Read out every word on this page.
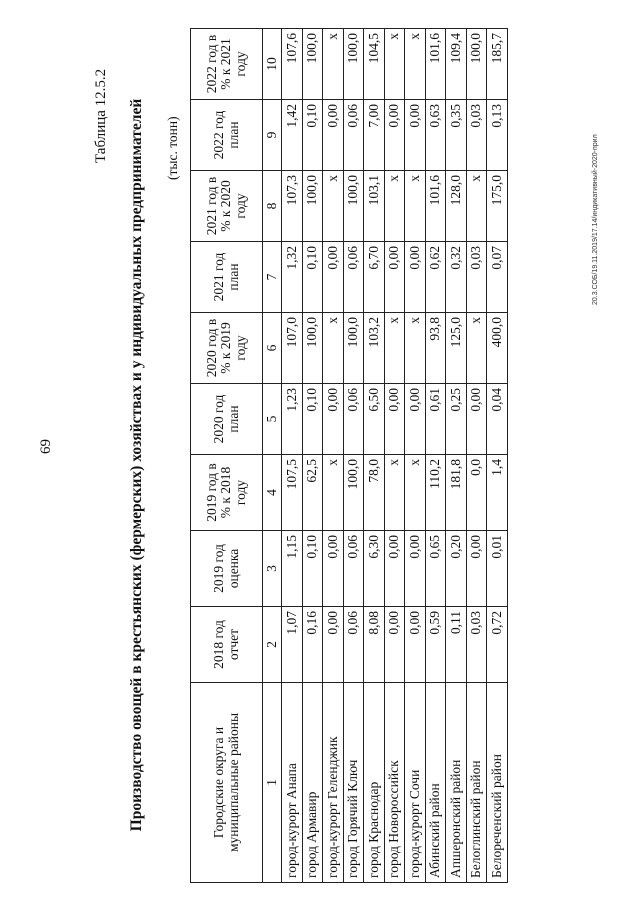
69
Таблица 12.5.2 Производство овощей в крестьянских (фермерских) хозяйствах и у индивидуальных предпринимателей (тыс. тонн)
Городские округа и муниципальные районы	2018 год отчет	2019 год оценка	2019 год в % к 2018 году	2020 год план	2020 год в % к 2019 году	2021 год план	2021 год в % к 2020 году	2022 год план	2022 год в % к 2021 году
1	2	3	4	5	6	7	8	9	10
город-курорт Анапа	1,07	1,15	107,5	1,23	107,0	1,32	107,3	1,42	107,6
город Армавир	0,16	0,10	62,5	0,10	100,0	0,10	100,0	0,10	100,0
город-курорт Геленджик	0,00	0,00	х	0,00	х	0,00	х	0,00	х
город Горячий Ключ	0,06	0,06	100,0	0,06	100,0	0,06	100,0	0,06	100,0
город Краснодар	8,08	6,30	78,0	6,50	103,2	6,70	103,1	7,00	104,5
город Новороссийск	0,00	0,00	х	0,00	х	0,00	х	0,00	х
город-курорт Сочи	0,00	0,00	х	0,00	х	0,00	х	0,00	х
Абинский район	0,59	0,65	110,2	0,61	93,8	0,62	101,6	0,63	101,6
Апшеронский район	0,11	0,20	181,8	0,25	125,0	0,32	128,0	0,35	109,4
Белоглинский район	0,03	0,00	0,0	0,00	х	0,03	х	0,03	100,0
Белореченский район	0,72	0,01	1,4	0,04	400,0	0,07	175,0	0,13	185,7
20.3.СОБ/19.11.2019/17.14/индикативный-2020-прил
